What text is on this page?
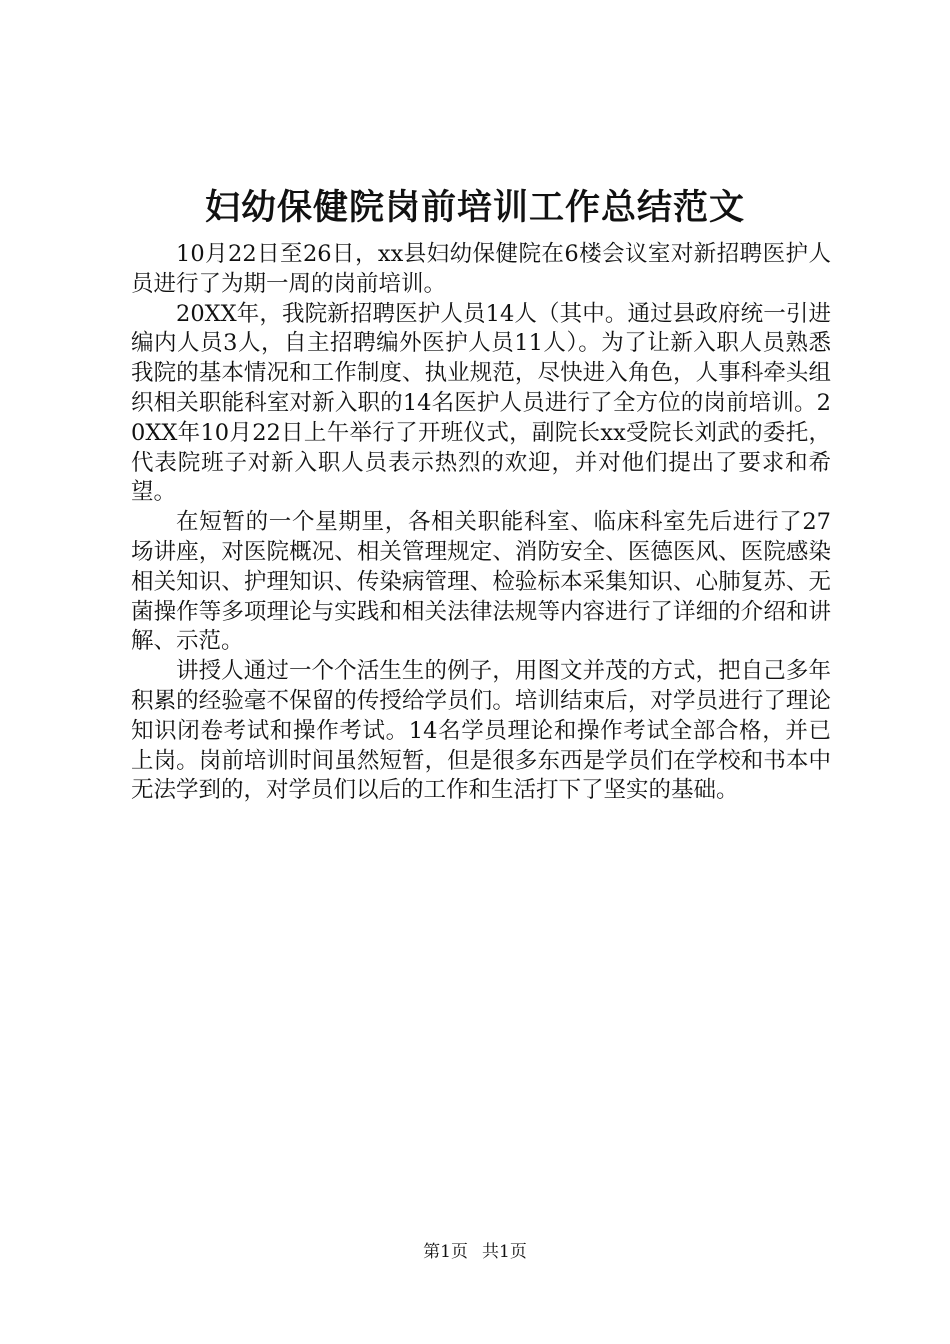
妇幼保健院岗前培训工作总结范文

10月22日至26日，xx县妇幼保健院在6楼会议室对新招聘医护人员进行了为期一周的岗前培训。

20XX年，我院新招聘医护人员14人（其中。通过县政府统一引进编内人员3人，自主招聘编外医护人员11人）。为了让新入职人员熟悉我院的基本情况和工作制度、执业规范，尽快进入角色，人事科牵头组织相关职能科室对新入职的14名医护人员进行了全方位的岗前培训。20XX年10月22日上午举行了开班仪式，副院长xx受院长刘武的委托，代表院班子对新入职人员表示热烈的欢迎，并对他们提出了要求和希望。

在短暂的一个星期里，各相关职能科室、临床科室先后进行了27场讲座，对医院概况、相关管理规定、消防安全、医德医风、医院感染相关知识、护理知识、传染病管理、检验标本采集知识、心肺复苏、无菌操作等多项理论与实践和相关法律法规等内容进行了详细的介绍和讲解、示范。

讲授人通过一个个活生生的例子，用图文并茂的方式，把自己多年积累的经验毫不保留的传授给学员们。培训结束后，对学员进行了理论知识闭卷考试和操作考试。14名学员理论和操作考试全部合格，并已上岗。岗前培训时间虽然短暂，但是很多东西是学员们在学校和书本中无法学到的，对学员们以后的工作和生活打下了坚实的基础。

第1页 共1页
